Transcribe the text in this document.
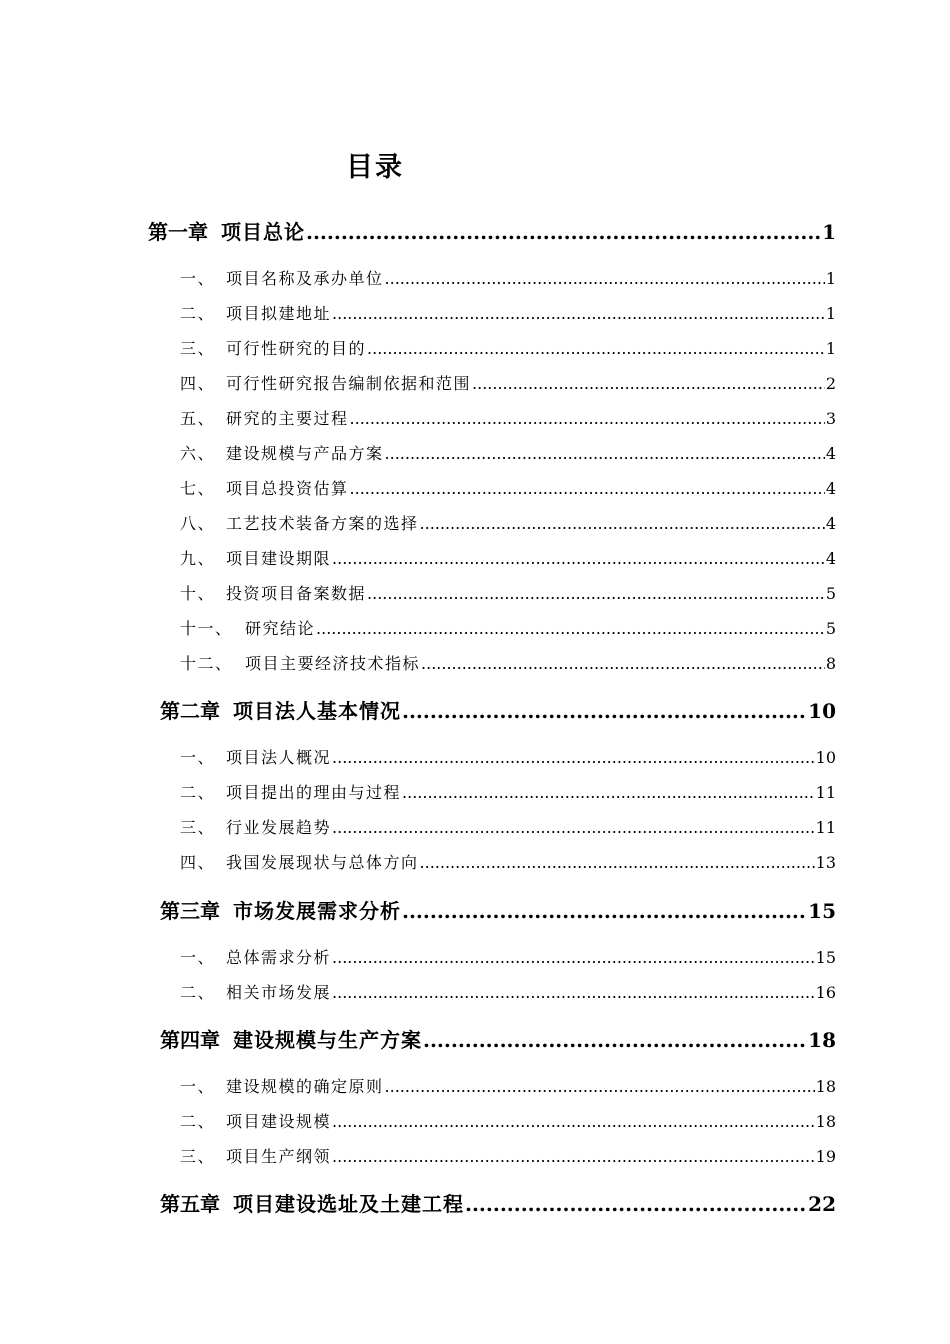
目录
第一章 项目总论 .....	1
一、 项目名称及承办单位 .....	1
二、 项目拟建地址 .....	1
三、 可行性研究的目的 .....	1
四、 可行性研究报告编制依据和范围 .....	2
五、 研究的主要过程 .....	3
六、 建设规模与产品方案 .....	4
七、 项目总投资估算 .....	4
八、 工艺技术装备方案的选择 .....	4
九、 项目建设期限 .....	4
十、 投资项目备案数据 .....	5
十一、 研究结论 .....	5
十二、 项目主要经济技术指标 .....	8
第二章 项目法人基本情况 .....	10
一、 项目法人概况 .....	10
二、 项目提出的理由与过程 .....	11
三、 行业发展趋势 .....	11
四、 我国发展现状与总体方向 .....	13
第三章 市场发展需求分析 .....	15
一、 总体需求分析 .....	15
二、 相关市场发展 .....	16
第四章 建设规模与生产方案 .....	18
一、 建设规模的确定原则 .....	18
二、 项目建设规模 .....	18
三、 项目生产纲领 .....	19
第五章 项目建设选址及土建工程 .....	22
